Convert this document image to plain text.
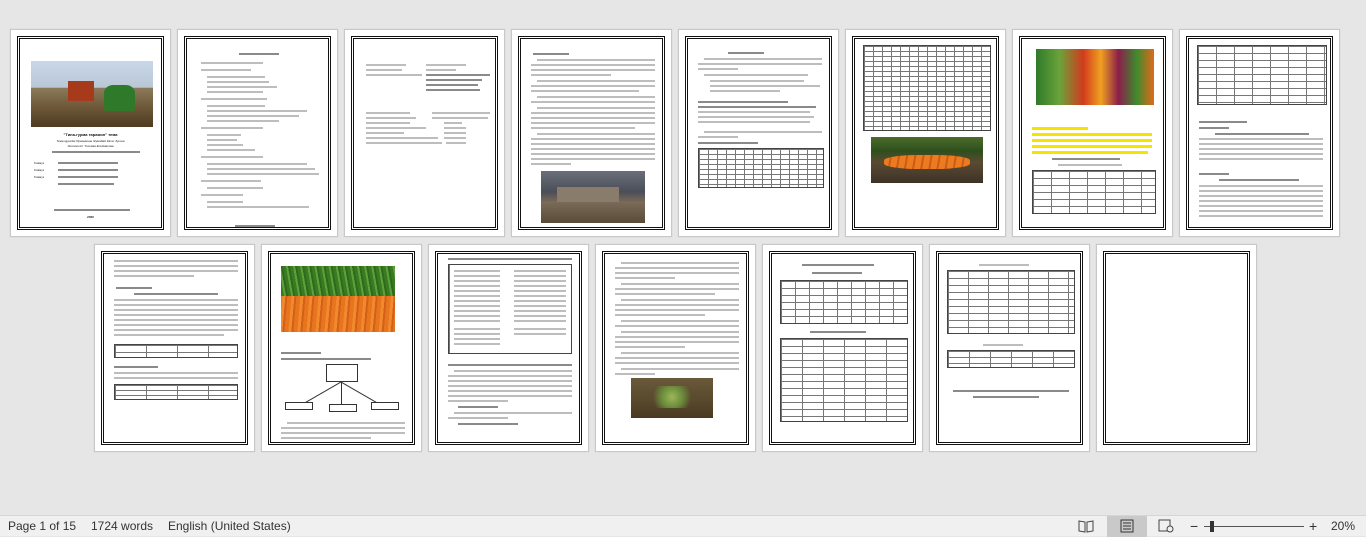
"Тина-гурма тарамон" тема
Тема мұғалім:Оразымнов Жумабай Като Зуғиев
Жетекшісі: Тихиёва Есеймасова
Гоммуз
Гоммуз
Гоммуз
2020
Page 1 of 15 1724 words English (United States)	−	+ 20%
